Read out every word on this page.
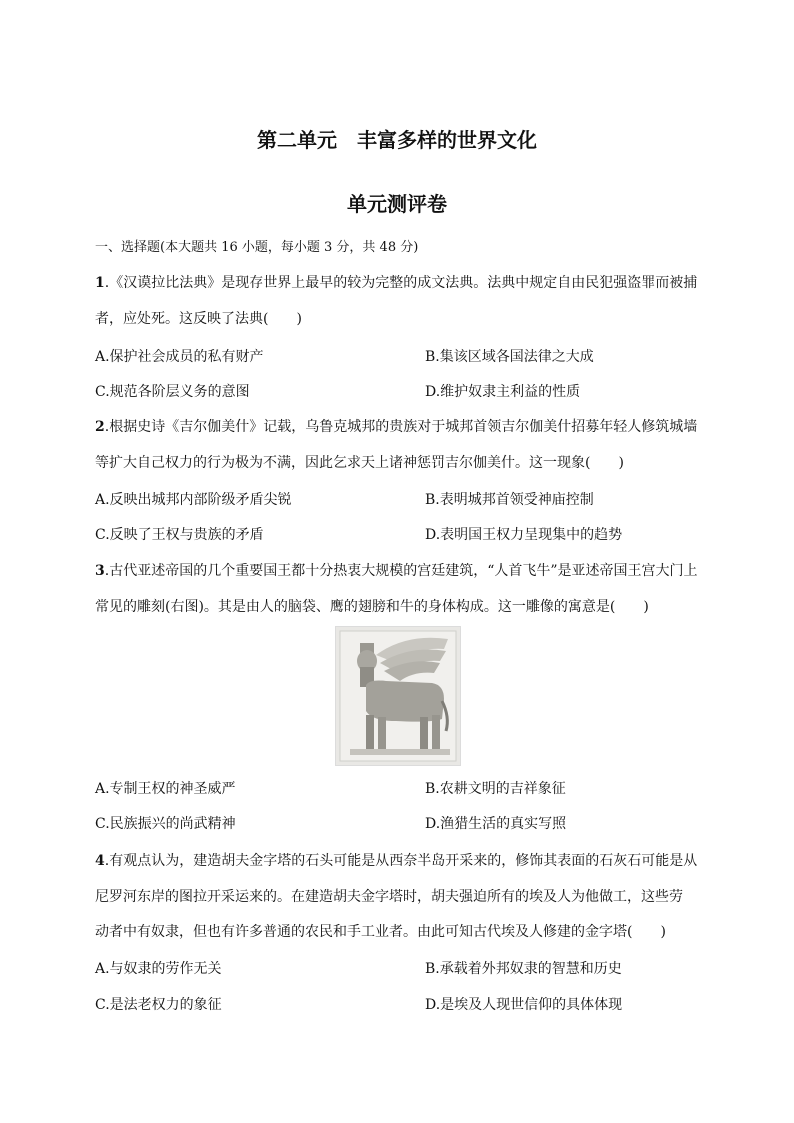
第二单元　丰富多样的世界文化
单元测评卷
一、选择题(本大题共 16 小题，每小题 3 分，共 48 分)
1.《汉谟拉比法典》是现存世界上最早的较为完整的成文法典。法典中规定自由民犯强盗罪而被捕
者，应处死。这反映了法典(　　)
A.保护社会成员的私有财产	B.集该区域各国法律之大成
C.规范各阶层义务的意图	D.维护奴隶主利益的性质
2.根据史诗《吉尔伽美什》记载，乌鲁克城邦的贵族对于城邦首领吉尔伽美什招募年轻人修筑城墙
等扩大自己权力的行为极为不满，因此乞求天上诸神惩罚吉尔伽美什。这一现象(　　)
A.反映出城邦内部阶级矛盾尖锐	B.表明城邦首领受神庙控制
C.反映了王权与贵族的矛盾	D.表明国王权力呈现集中的趋势
3.古代亚述帝国的几个重要国王都十分热衷大规模的宫廷建筑，“人首飞牛”是亚述帝国王宫大门上
常见的雕刻(右图)。其是由人的脑袋、鹰的翅膀和牛的身体构成。这一雕像的寓意是(　　)
A.专制王权的神圣威严	B.农耕文明的吉祥象征
C.民族振兴的尚武精神	D.渔猎生活的真实写照
4.有观点认为，建造胡夫金字塔的石头可能是从西奈半岛开采来的，修饰其表面的石灰石可能是从
尼罗河东岸的图拉开采运来的。在建造胡夫金字塔时，胡夫强迫所有的埃及人为他做工，这些劳
动者中有奴隶，但也有许多普通的农民和手工业者。由此可知古代埃及人修建的金字塔(　　)
A.与奴隶的劳作无关	B.承载着外邦奴隶的智慧和历史
C.是法老权力的象征	D.是埃及人现世信仰的具体体现
